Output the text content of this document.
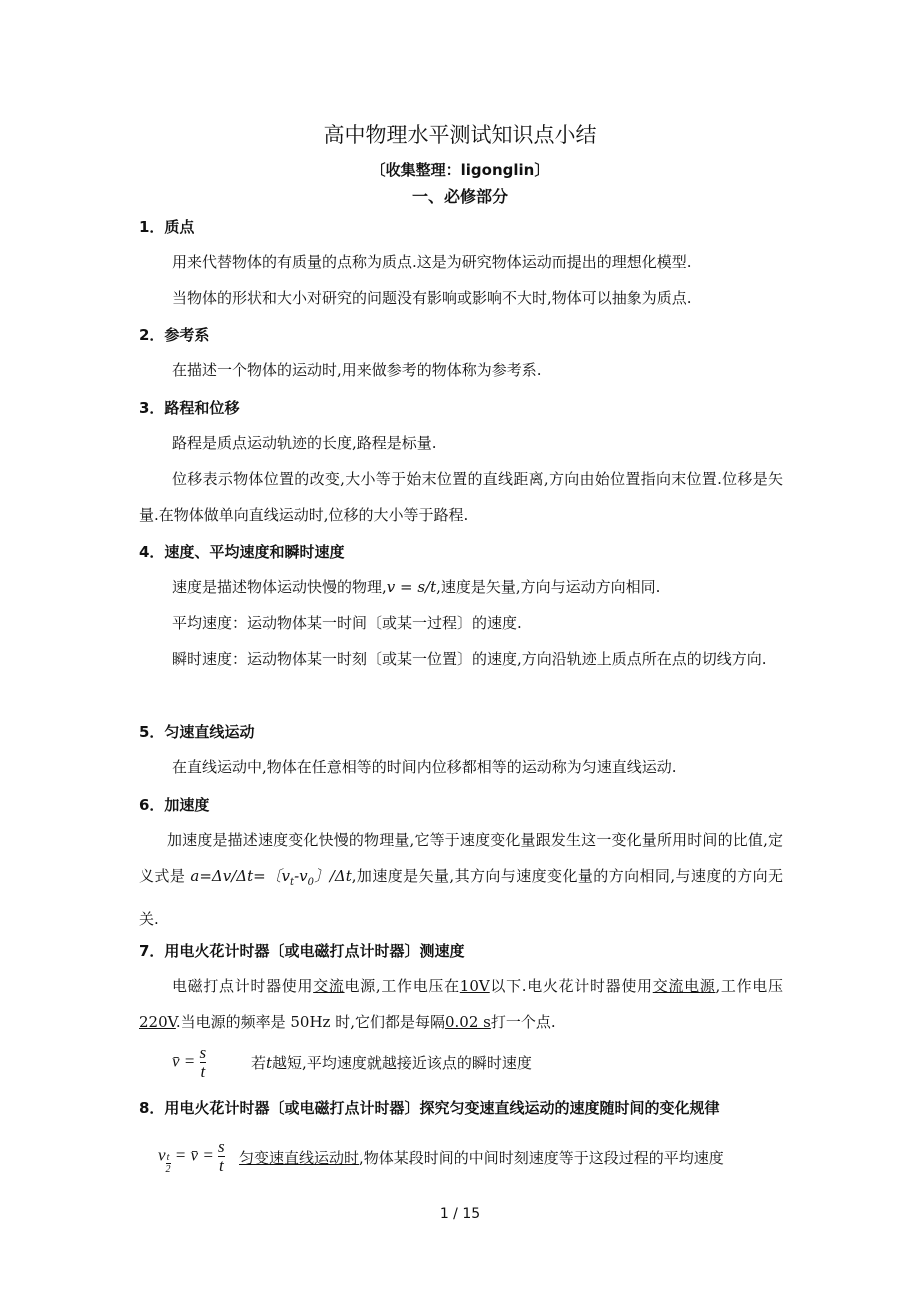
高中物理水平测试知识点小结
〔收集整理：ligonglin〕
一、必修部分
1．质点

用来代替物体的有质量的点称为质点.这是为研究物体运动而提出的理想化模型.

当物体的形状和大小对研究的问题没有影响或影响不大时,物体可以抽象为质点.

2．参考系

在描述一个物体的运动时,用来做参考的物体称为参考系.

3．路程和位移

路程是质点运动轨迹的长度,路程是标量.

位移表示物体位置的改变,大小等于始末位置的直线距离,方向由始位置指向末位置.位移是矢量.在物体做单向直线运动时,位移的大小等于路程.

4．速度、平均速度和瞬时速度

速度是描述物体运动快慢的物理,v = s/t,速度是矢量,方向与运动方向相同.

平均速度：运动物体某一时间〔或某一过程〕的速度.

瞬时速度：运动物体某一时刻〔或某一位置〕的速度,方向沿轨迹上质点所在点的切线方向.

5．匀速直线运动

在直线运动中,物体在任意相等的时间内位移都相等的运动称为匀速直线运动.

6．加速度

加速度是描述速度变化快慢的物理量,它等于速度变化量跟发生这一变化量所用时间的比值,定义式是 a=Δv/Δt=〔$v_t-v_0$〕/Δt,加速度是矢量,其方向与速度变化量的方向相同,与速度的方向无关.

7．用电火花计时器〔或电磁打点计时器〕测速度

电磁打点计时器使用交流电源,工作电压在10V以下.电火花计时器使用交流电源,工作电压220V.当电源的频率是 50Hz 时,它们都是每隔0.02 s打一个点.

v̄ = $\frac{s}{t}$	若t越短,平均速度就越接近该点的瞬时速度
8．用电火花计时器〔或电磁打点计时器〕探究匀变速直线运动的速度随时间的变化规律
v $\frac{t}{2}$ = v̄ = $\frac{s}{t}$ 匀变速直线运动时,物体某段时间的中间时刻速度等于这段过程的平均速度
1 / 15
